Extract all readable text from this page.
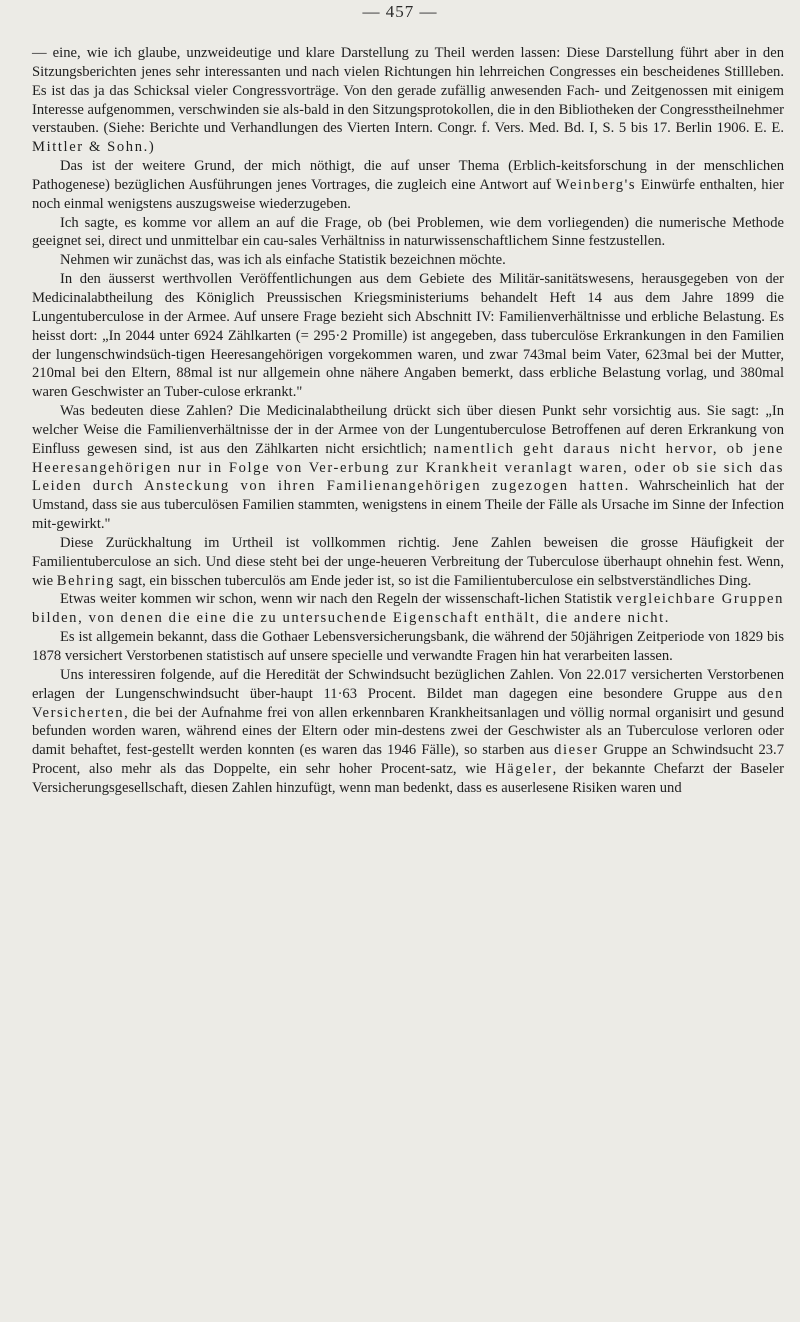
— 457 —

— eine, wie ich glaube, unzweideutige und klare Darstellung zu Theil werden lassen: Diese Darstellung führt aber in den Sitzungsberichten jenes sehr interessanten und nach vielen Richtungen hin lehrreichen Congresses ein bescheidenes Stillleben. Es ist das ja das Schicksal vieler Congressvorträge. Von den gerade zufällig anwesenden Fach- und Zeitgenossen mit einigem Interesse aufgenommen, verschwinden sie als-bald in den Sitzungsprotokollen, die in den Bibliotheken der Congresstheilnehmer verstauben. (Siehe: Berichte und Verhandlungen des Vierten Intern. Congr. f. Vers. Med. Bd. I, S. 5 bis 17. Berlin 1906. E. E. Mittler & Sohn.)

Das ist der weitere Grund, der mich nöthigt, die auf unser Thema (Erblich-keitsforschung in der menschlichen Pathogenese) bezüglichen Ausführungen jenes Vortrages, die zugleich eine Antwort auf Weinberg's Einwürfe enthalten, hier noch einmal wenigstens auszugsweise wiederzugeben.

Ich sagte, es komme vor allem an auf die Frage, ob (bei Problemen, wie dem vorliegenden) die numerische Methode geeignet sei, direct und unmittelbar ein cau-sales Verhältniss in naturwissenschaftlichem Sinne festzustellen.

Nehmen wir zunächst das, was ich als einfache Statistik bezeichnen möchte.

In den äusserst werthvollen Veröffentlichungen aus dem Gebiete des Militär-sanitätswesens, herausgegeben von der Medicinalabtheilung des Königlich Preussischen Kriegsministeriums behandelt Heft 14 aus dem Jahre 1899 die Lungentuberculose in der Armee. Auf unsere Frage bezieht sich Abschnitt IV: Familienverhältnisse und erbliche Belastung. Es heisst dort: „In 2044 unter 6924 Zählkarten (= 295·2 Promille) ist angegeben, dass tuberculöse Erkrankungen in den Familien der lungenschwindsüch-tigen Heeresangehörigen vorgekommen waren, und zwar 743mal beim Vater, 623mal bei der Mutter, 210mal bei den Eltern, 88mal ist nur allgemein ohne nähere Angaben bemerkt, dass erbliche Belastung vorlag, und 380mal waren Geschwister an Tuber-culose erkrankt."

Was bedeuten diese Zahlen? Die Medicinalabtheilung drückt sich über diesen Punkt sehr vorsichtig aus. Sie sagt: „In welcher Weise die Familienverhältnisse der in der Armee von der Lungentuberculose Betroffenen auf deren Erkrankung von Einfluss gewesen sind, ist aus den Zählkarten nicht ersichtlich; namentlich geht daraus nicht hervor, ob jene Heeresangehörigen nur in Folge von Ver-erbung zur Krankheit veranlagt waren, oder ob sie sich das Leiden durch Ansteckung von ihren Familienangehörigen zugezogen hatten. Wahrscheinlich hat der Umstand, dass sie aus tuberculösen Familien stammten, wenigstens in einem Theile der Fälle als Ursache im Sinne der Infection mit-gewirkt."

Diese Zurückhaltung im Urtheil ist vollkommen richtig. Jene Zahlen beweisen die grosse Häufigkeit der Familientuberculose an sich. Und diese steht bei der unge-heueren Verbreitung der Tuberculose überhaupt ohnehin fest. Wenn, wie Behring sagt, ein bisschen tuberculös am Ende jeder ist, so ist die Familientuberculose ein selbstverständliches Ding.

Etwas weiter kommen wir schon, wenn wir nach den Regeln der wissenschaft-lichen Statistik vergleichbare Gruppen bilden, von denen die eine die zu untersuchende Eigenschaft enthält, die andere nicht.

Es ist allgemein bekannt, dass die Gothaer Lebensversicherungsbank, die während der 50jährigen Zeitperiode von 1829 bis 1878 versichert Verstorbenen statistisch auf unsere specielle und verwandte Fragen hin hat verarbeiten lassen.

Uns interessiren folgende, auf die Heredität der Schwindsucht bezüglichen Zahlen. Von 22.017 versicherten Verstorbenen erlagen der Lungenschwindsucht über-haupt 11·63 Procent. Bildet man dagegen eine besondere Gruppe aus den Versicherten, die bei der Aufnahme frei von allen erkennbaren Krankheitsanlagen und völlig normal organisirt und gesund befunden worden waren, während eines der Eltern oder min-destens zwei der Geschwister als an Tuberculose verloren oder damit behaftet, fest-gestellt werden konnten (es waren das 1946 Fälle), so starben aus dieser Gruppe an Schwindsucht 23.7 Procent, also mehr als das Doppelte, ein sehr hoher Procent-satz, wie Hägeler, der bekannte Chefarzt der Baseler Versicherungsgesellschaft, diesen Zahlen hinzufügt, wenn man bedenkt, dass es auserlesene Risiken waren und
